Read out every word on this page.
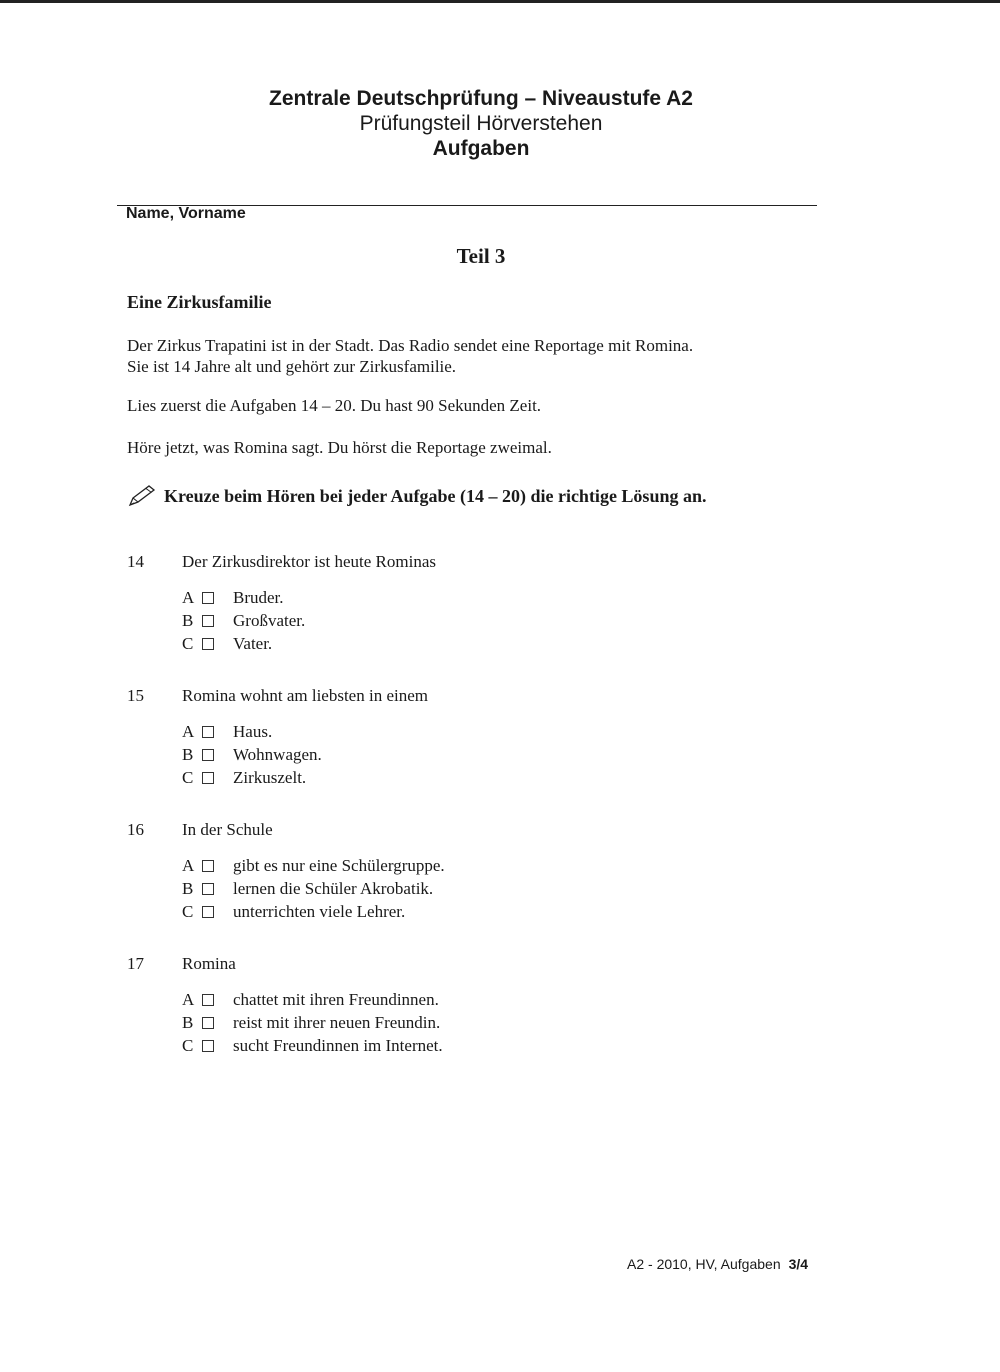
Zentrale Deutschprüfung – Niveaustufe A2
Prüfungsteil Hörverstehen
Aufgaben
Name, Vorname
Teil 3
Eine Zirkusfamilie
Der Zirkus Trapatini ist in der Stadt. Das Radio sendet eine Reportage mit Romina.
Sie ist 14 Jahre alt und gehört zur Zirkusfamilie.
Lies zuerst die Aufgaben 14 – 20. Du hast 90 Sekunden Zeit.
Höre jetzt, was Romina sagt. Du hörst die Reportage zweimal.
Kreuze beim Hören bei jeder Aufgabe (14 – 20) die richtige Lösung an.
14	Der Zirkusdirektor ist heute Rominas
A Bruder.
B Großvater.
C Vater.
15	Romina wohnt am liebsten in einem
A Haus.
B Wohnwagen.
C Zirkuszelt.
16	In der Schule
A gibt es nur eine Schülergruppe.
B lernen die Schüler Akrobatik.
C unterrichten viele Lehrer.
17	Romina
A chattet mit ihren Freundinnen.
B reist mit ihrer neuen Freundin.
C sucht Freundinnen im Internet.
A2 - 2010, HV, Aufgaben 3/4
